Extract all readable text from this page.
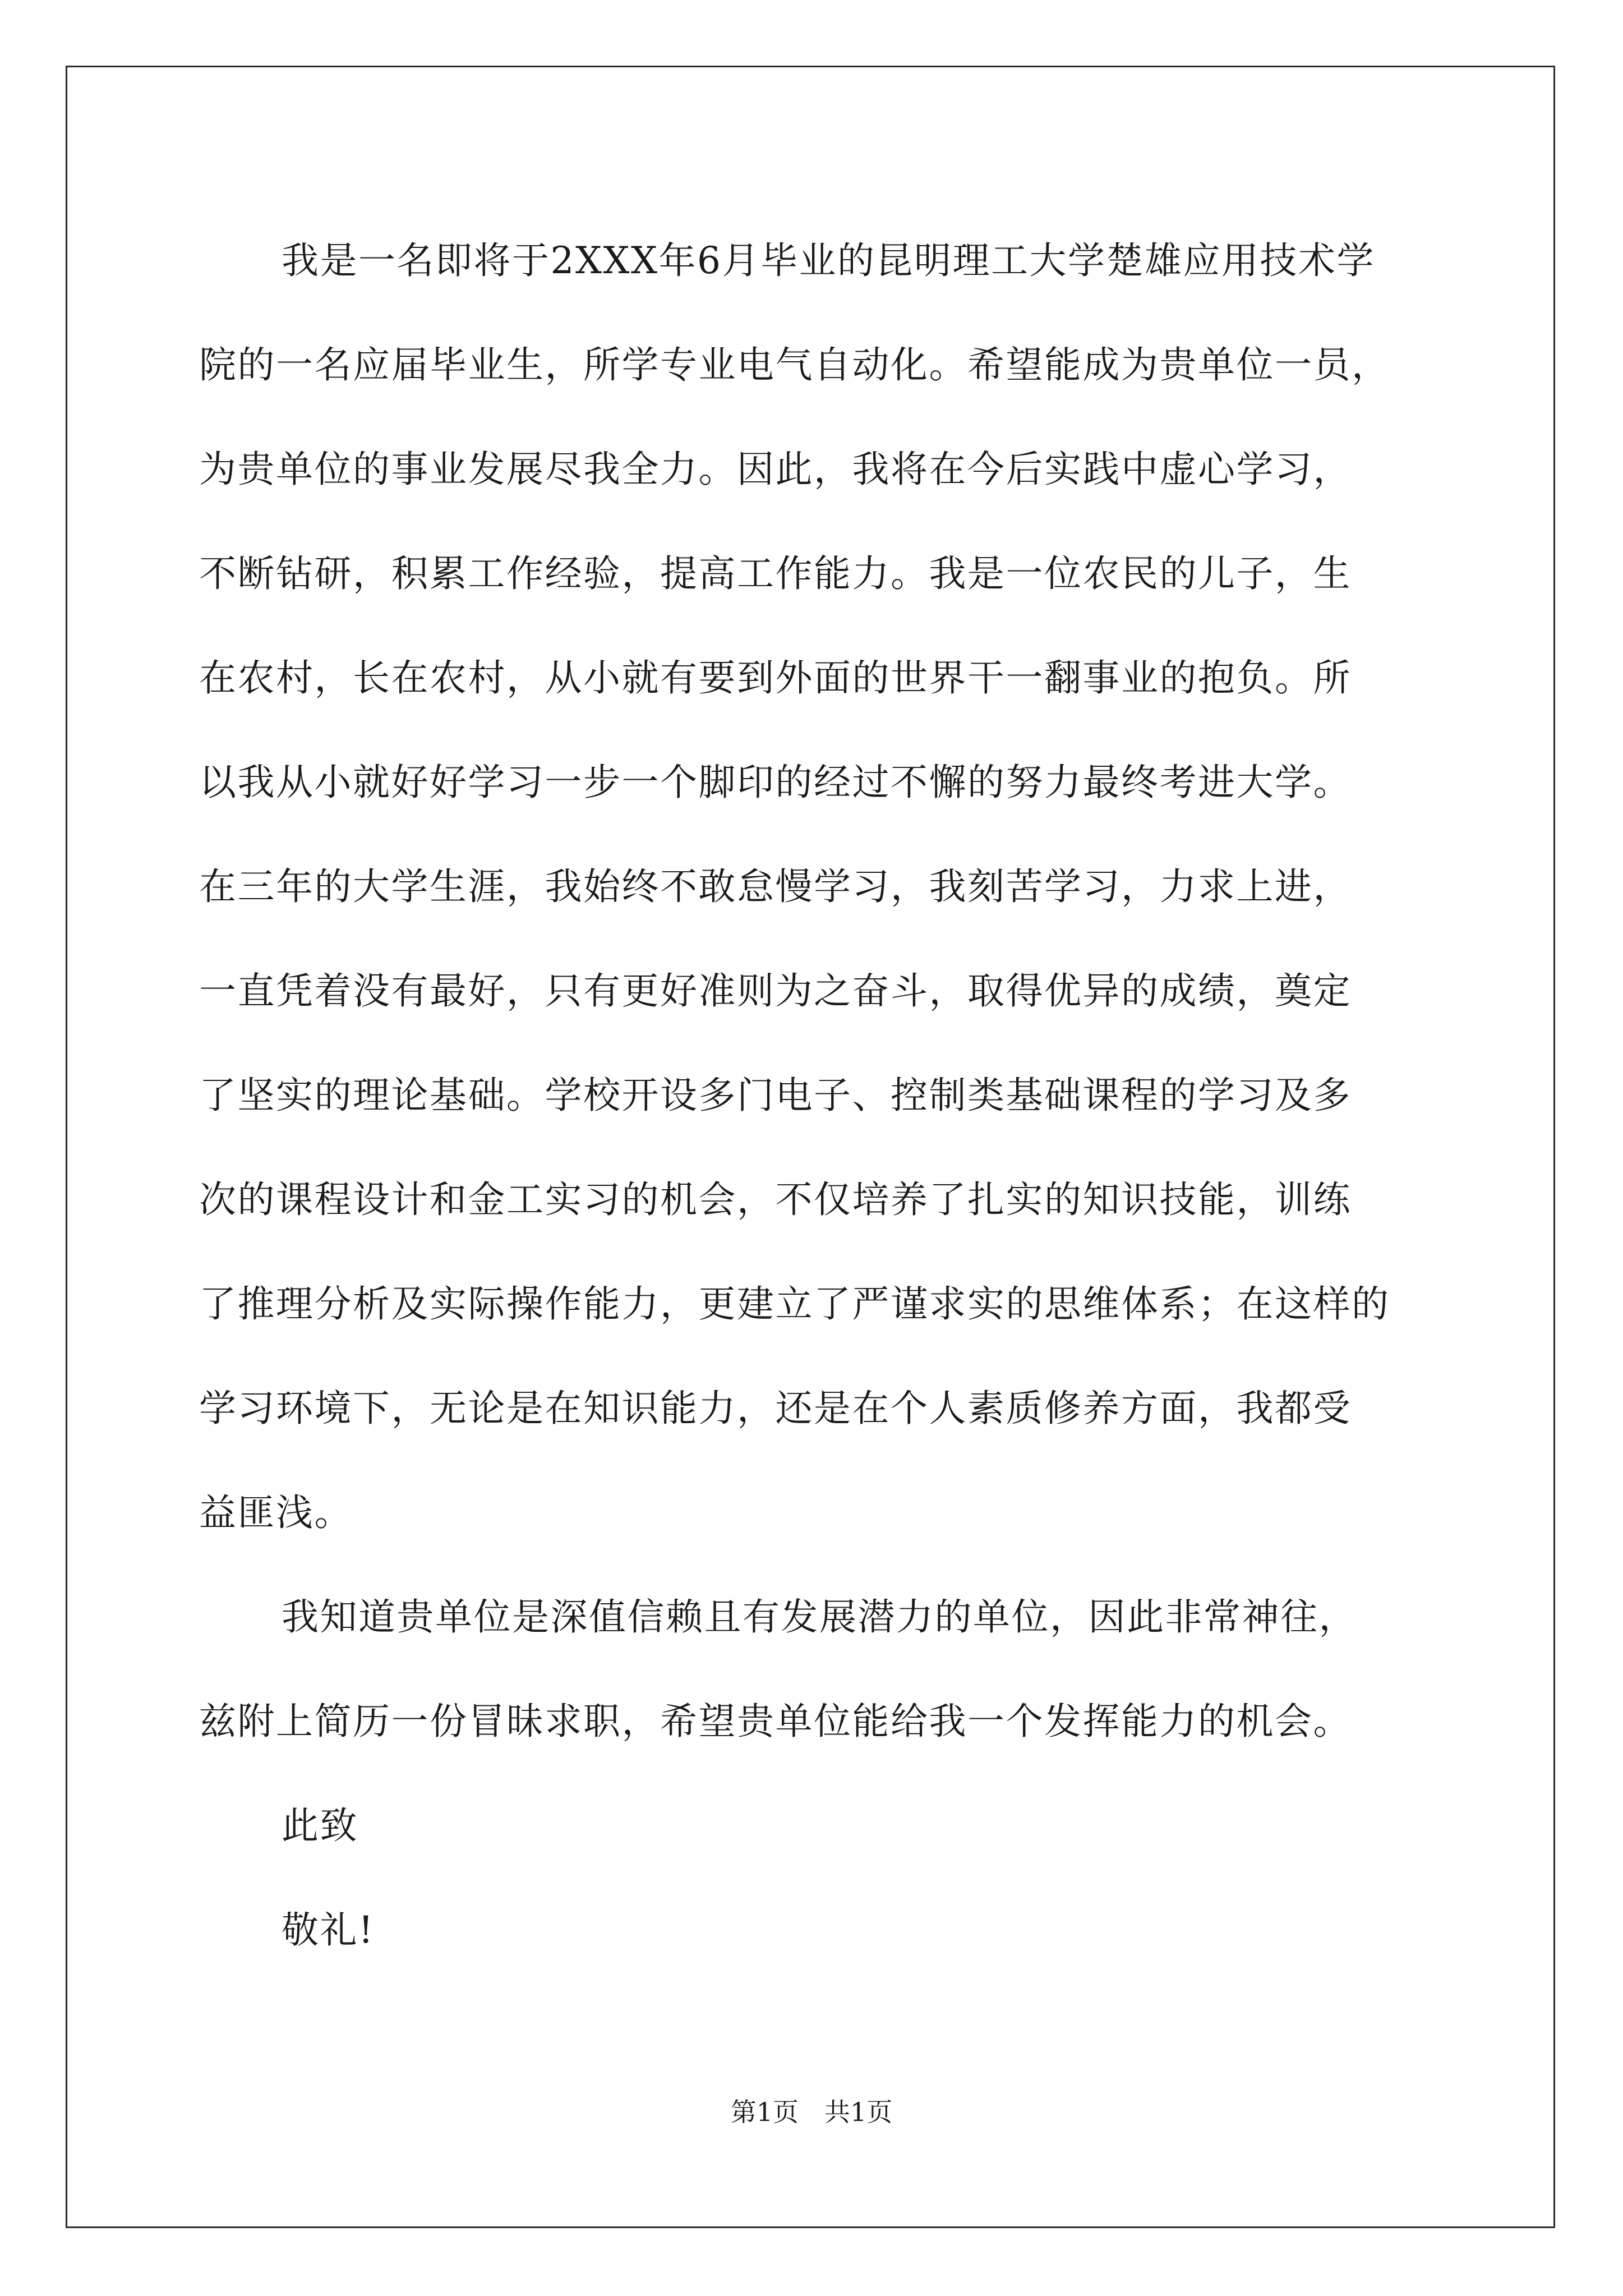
我是一名即将于2XXX年6月毕业的昆明理工大学楚雄应用技术学
院的一名应届毕业生，所学专业电气自动化。希望能成为贵单位一员，
为贵单位的事业发展尽我全力。因此，我将在今后实践中虚心学习，
不断钻研，积累工作经验，提高工作能力。我是一位农民的儿子，生
在农村，长在农村，从小就有要到外面的世界干一翻事业的抱负。所
以我从小就好好学习一步一个脚印的经过不懈的努力最终考进大学。
在三年的大学生涯，我始终不敢怠慢学习，我刻苦学习，力求上进，
一直凭着没有最好，只有更好准则为之奋斗，取得优异的成绩，奠定
了坚实的理论基础。学校开设多门电子、控制类基础课程的学习及多
次的课程设计和金工实习的机会，不仅培养了扎实的知识技能，训练
了推理分析及实际操作能力，更建立了严谨求实的思维体系；在这样的
学习环境下，无论是在知识能力，还是在个人素质修养方面，我都受
益匪浅。
我知道贵单位是深值信赖且有发展潜力的单位，因此非常神往，
兹附上简历一份冒昧求职，希望贵单位能给我一个发挥能力的机会。
此致
敬礼!
第1页　共1页
